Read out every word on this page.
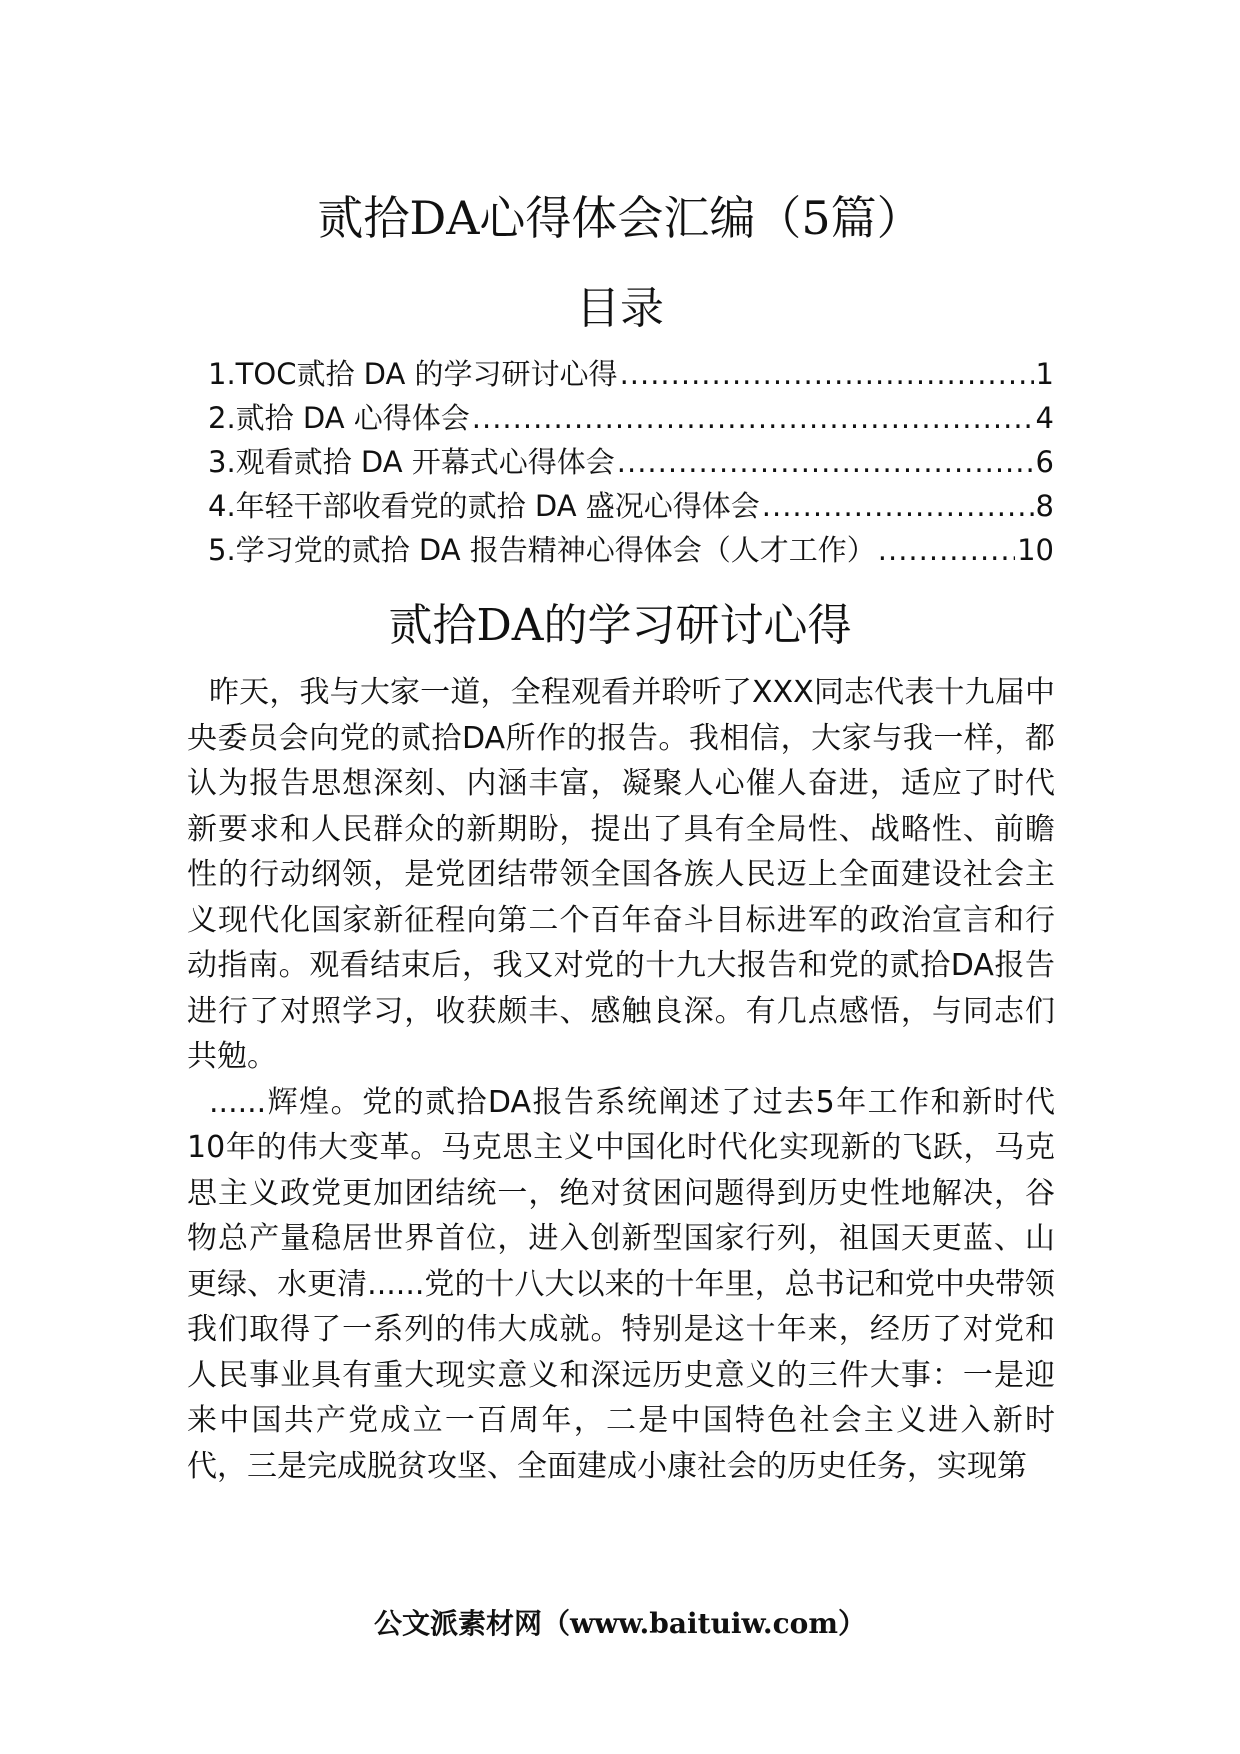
贰拾DA心得体会汇编（5篇）
目录
1.TOC贰拾 DA 的学习研讨心得 .....	1
2.贰拾 DA 心得体会 .....	4
3.观看贰拾 DA 开幕式心得体会 .....	6
4.年轻干部收看党的贰拾 DA 盛况心得体会 .....	8
5.学习党的贰拾 DA 报告精神心得体会（人才工作） .....	10
贰拾DA的学习研讨心得

昨天，我与大家一道，全程观看并聆听了XXX同志代表十九届中央委员会向党的贰拾DA所作的报告。我相信，大家与我一样，都认为报告思想深刻、内涵丰富，凝聚人心催人奋进，适应了时代新要求和人民群众的新期盼，提出了具有全局性、战略性、前瞻性的行动纲领，是党团结带领全国各族人民迈上全面建设社会主义现代化国家新征程向第二个百年奋斗目标进军的政治宣言和行动指南。观看结束后，我又对党的十九大报告和党的贰拾DA报告进行了对照学习，收获颇丰、感触良深。有几点感悟，与同志们共勉。

......辉煌。党的贰拾DA报告系统阐述了过去5年工作和新时代10年的伟大变革。马克思主义中国化时代化实现新的飞跃，马克思主义政党更加团结统一，绝对贫困问题得到历史性地解决，谷物总产量稳居世界首位，进入创新型国家行列，祖国天更蓝、山更绿、水更清......党的十八大以来的十年里，总书记和党中央带领我们取得了一系列的伟大成就。特别是这十年来，经历了对党和人民事业具有重大现实意义和深远历史意义的三件大事：一是迎来中国共产党成立一百周年，二是中国特色社会主义进入新时代，三是完成脱贫攻坚、全面建成小康社会的历史任务，实现第

公文派素材网（www.baituiw.com）
